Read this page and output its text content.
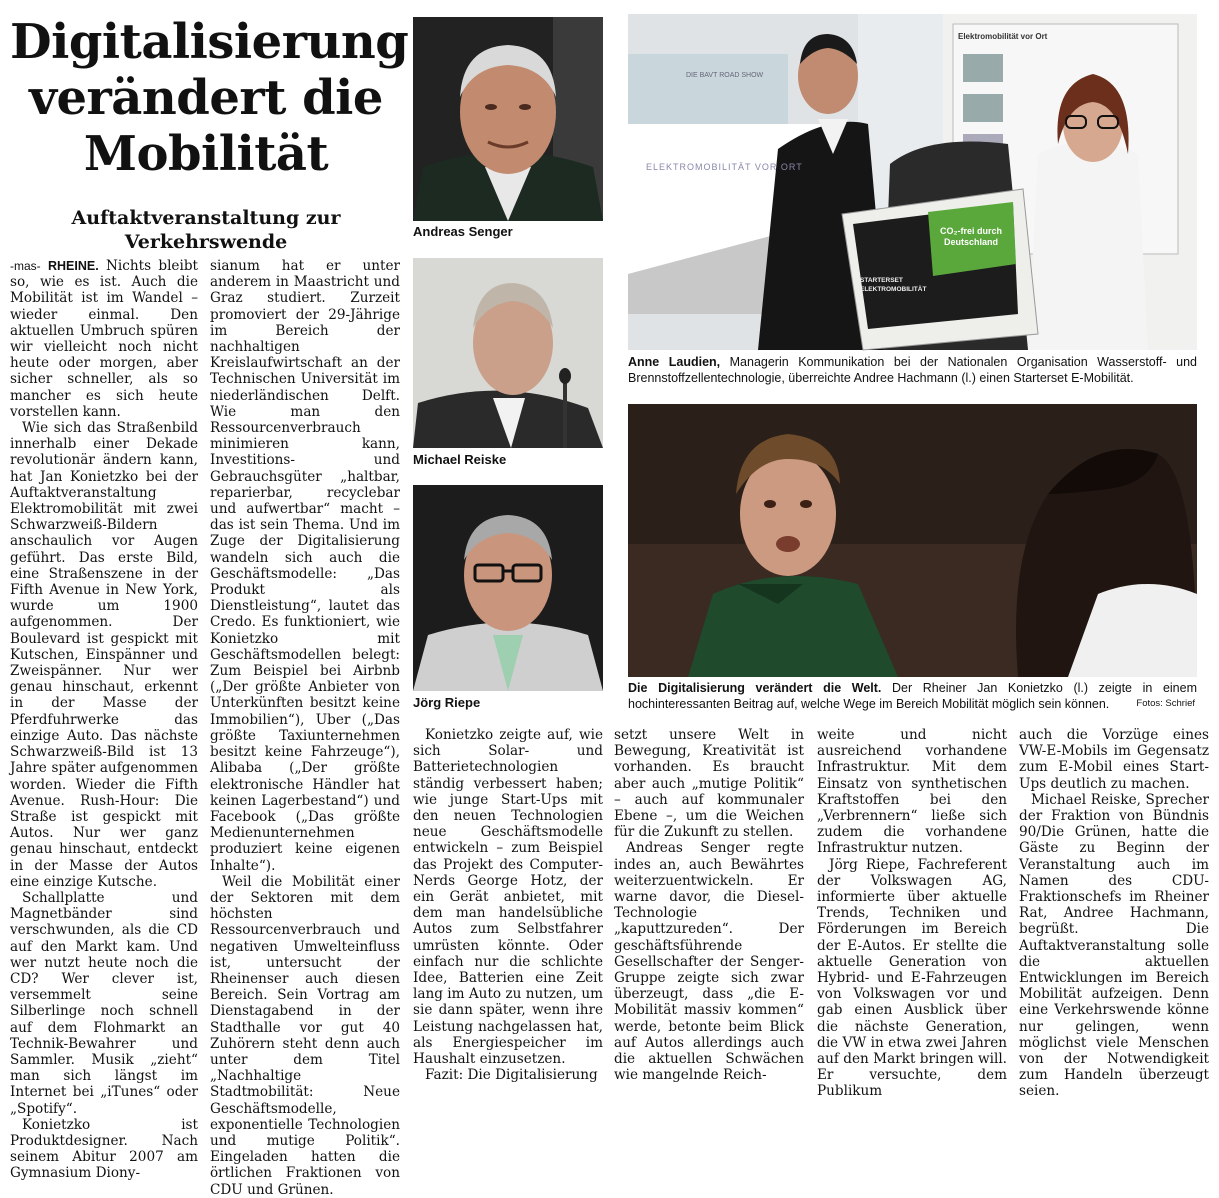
Digitalisierung verändert die Mobilität
Auftaktveranstaltung zur Verkehrswende	Andreas Senger
Michael Reiske
Jörg Riepe
Elektromobilität vor Ort
DIE BAVT ROAD SHOW
ELEKTROMOBILITÄT VOR ORT
STARTERSET ELEKTROMOBILITÄT
CO₂-frei durch Deutschland
Anne Laudien, Managerin Kommunikation bei der Nationalen Organisation Wasserstoff- und Brennstoffzellentechnologie, überreichte Andree Hachmann (l.) einen Starterset E-Mobilität.
Die Digitalisierung verändert die Welt. Der Rheiner Jan Konietzko (l.) zeigte in einem hochinteressanten Beitrag auf, welche Wege im Bereich Mobilität möglich sein können.	Fotos: Schrief

-mas- RHEINE. Nichts bleibt so, wie es ist. Auch die Mobilität ist im Wandel – wieder einmal. Den aktuellen Umbruch spüren wir vielleicht noch nicht heute oder morgen, aber sicher schneller, als so mancher es sich heute vorstellen kann.

Wie sich das Straßenbild innerhalb einer Dekade revolutionär ändern kann, hat Jan Konietzko bei der Auftaktveranstaltung Elektromobilität mit zwei Schwarzweiß-Bildern anschaulich vor Augen geführt. Das erste Bild, eine Straßenszene in der Fifth Avenue in New York, wurde um 1900 aufgenommen. Der Boulevard ist gespickt mit Kutschen, Einspänner und Zweispänner. Nur wer genau hinschaut, erkennt in der Masse der Pferdfuhrwerke das einzige Auto. Das nächste Schwarzweiß-Bild ist 13 Jahre später aufgenommen worden. Wieder die Fifth Avenue. Rush-Hour: Die Straße ist gespickt mit Autos. Nur wer ganz genau hinschaut, entdeckt in der Masse der Autos eine einzige Kutsche.

Schallplatte und Magnetbänder sind verschwunden, als die CD auf den Markt kam. Und wer nutzt heute noch die CD? Wer clever ist, versemmelt seine Silberlinge noch schnell auf dem Flohmarkt an Technik-Bewahrer und Sammler. Musik „zieht“ man sich längst im Internet bei „iTunes“ oder „Spotify“.

Konietzko ist Produktdesigner. Nach seinem Abitur 2007 am Gymnasium Diony-

sianum hat er unter anderem in Maastricht und Graz studiert. Zurzeit promoviert der 29-Jährige im Bereich der nachhaltigen Kreislaufwirtschaft an der Technischen Universität im niederländischen Delft. Wie man den Ressourcenverbrauch minimieren kann, Investitions- und Gebrauchsgüter „haltbar, reparierbar, recyclebar und aufwertbar“ macht – das ist sein Thema. Und im Zuge der Digitalisierung wandeln sich auch die Geschäftsmodelle: „Das Produkt als Dienstleistung“, lautet das Credo. Es funktioniert, wie Konietzko mit Geschäftsmodellen belegt: Zum Beispiel bei Airbnb („Der größte Anbieter von Unterkünften besitzt keine Immobilien“), Uber („Das größte Taxiunternehmen besitzt keine Fahrzeuge“), Alibaba („Der größte elektronische Händler hat keinen Lagerbestand“) und Facebook („Das größte Medienunternehmen produziert keine eigenen Inhalte“).

Weil die Mobilität einer der Sektoren mit dem höchsten Ressourcenverbrauch und negativen Umwelteinfluss ist, untersucht der Rheinenser auch diesen Bereich. Sein Vortrag am Dienstagabend in der Stadthalle vor gut 40 Zuhörern steht denn auch unter dem Titel „Nachhaltige Stadtmobilität: Neue Geschäftsmodelle, exponentielle Technologien und mutige Politik“. Eingeladen hatten die örtlichen Fraktionen von CDU und Grünen.

Konietzko zeigte auf, wie sich Solar- und Batterietechnologien ständig verbessert haben; wie junge Start-Ups mit den neuen Technologien neue Geschäftsmodelle entwickeln – zum Beispiel das Projekt des Computer-Nerds George Hotz, der ein Gerät anbietet, mit dem man handelsübliche Autos zum Selbstfahrer umrüsten könnte. Oder einfach nur die schlichte Idee, Batterien eine Zeit lang im Auto zu nutzen, um sie dann später, wenn ihre Leistung nachgelassen hat, als Energiespeicher im Haushalt einzusetzen.

Fazit: Die Digitalisierung

setzt unsere Welt in Bewegung, Kreativität ist vorhanden. Es braucht aber auch „mutige Politik“ – auch auf kommunaler Ebene –, um die Weichen für die Zukunft zu stellen.

Andreas Senger regte indes an, auch Bewährtes weiterzuentwickeln. Er warne davor, die Diesel-Technologie „kaputtzureden“. Der geschäftsführende Gesellschafter der Senger-Gruppe zeigte sich zwar überzeugt, dass „die E-Mobilität massiv kommen“ werde, betonte beim Blick auf Autos allerdings auch die aktuellen Schwächen wie mangelnde Reich-

weite und nicht ausreichend vorhandene Infrastruktur. Mit dem Einsatz von synthetischen Kraftstoffen bei den „Verbrennern“ ließe sich zudem die vorhandene Infrastruktur nutzen.

Jörg Riepe, Fachreferent der Volkswagen AG, informierte über aktuelle Trends, Techniken und Förderungen im Bereich der E-Autos. Er stellte die aktuelle Generation von Hybrid- und E-Fahrzeugen von Volkswagen vor und gab einen Ausblick über die nächste Generation, die VW in etwa zwei Jahren auf den Markt bringen will. Er versuchte, dem Publikum

auch die Vorzüge eines VW-E-Mobils im Gegensatz zum E-Mobil eines Start-Ups deutlich zu machen.

Michael Reiske, Sprecher der Fraktion von Bündnis 90/Die Grünen, hatte die Gäste zu Beginn der Veranstaltung auch im Namen des CDU-Fraktionschefs im Rheiner Rat, Andree Hachmann, begrüßt. Die Auftaktveranstaltung solle die aktuellen Entwicklungen im Bereich Mobilität aufzeigen. Denn eine Verkehrswende könne nur gelingen, wenn möglichst viele Menschen von der Notwendigkeit zum Handeln überzeugt seien.
